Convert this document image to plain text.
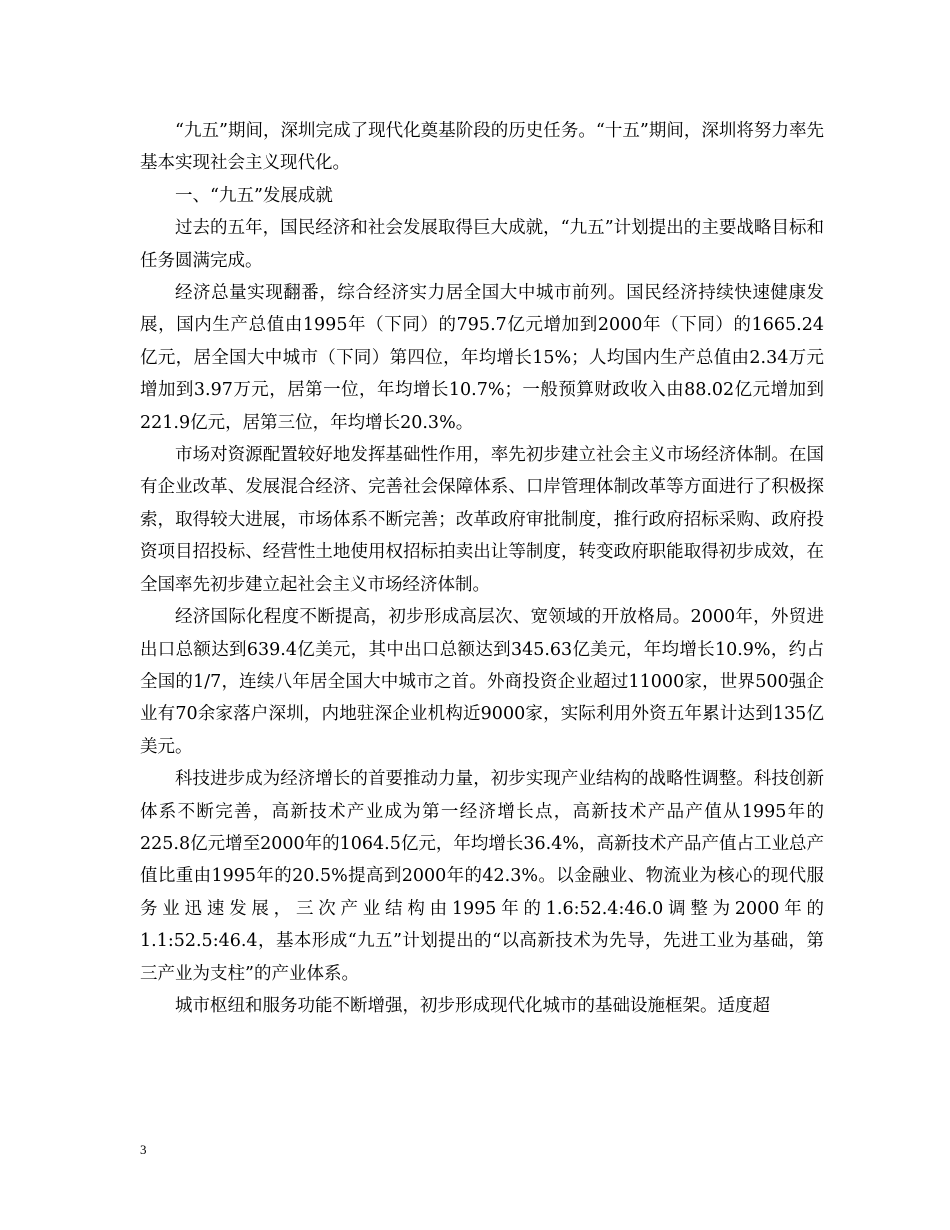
“九五”期间，深圳完成了现代化奠基阶段的历史任务。“十五”期间，深圳将努力率先基本实现社会主义现代化。

一、“九五”发展成就

过去的五年，国民经济和社会发展取得巨大成就，“九五”计划提出的主要战略目标和任务圆满完成。

经济总量实现翻番，综合经济实力居全国大中城市前列。国民经济持续快速健康发展，国内生产总值由1995年（下同）的795.7亿元增加到2000年（下同）的1665.24亿元，居全国大中城市（下同）第四位，年均增长15%；人均国内生产总值由2.34万元增加到3.97万元，居第一位，年均增长10.7%；一般预算财政收入由88.02亿元增加到221.9亿元，居第三位，年均增长20.3%。

市场对资源配置较好地发挥基础性作用，率先初步建立社会主义市场经济体制。在国有企业改革、发展混合经济、完善社会保障体系、口岸管理体制改革等方面进行了积极探索，取得较大进展，市场体系不断完善；改革政府审批制度，推行政府招标采购、政府投资项目招投标、经营性土地使用权招标拍卖出让等制度，转变政府职能取得初步成效，在全国率先初步建立起社会主义市场经济体制。

经济国际化程度不断提高，初步形成高层次、宽领域的开放格局。2000年，外贸进出口总额达到639.4亿美元，其中出口总额达到345.63亿美元，年均增长10.9%，约占全国的1/7，连续八年居全国大中城市之首。外商投资企业超过11000家，世界500强企业有70余家落户深圳，内地驻深企业机构近9000家，实际利用外资五年累计达到135亿美元。

科技进步成为经济增长的首要推动力量，初步实现产业结构的战略性调整。科技创新体系不断完善，高新技术产业成为第一经济增长点，高新技术产品产值从1995年的225.8亿元增至2000年的1064.5亿元，年均增长36.4%，高新技术产品产值占工业总产值比重由1995年的20.5%提高到2000年的42.3%。以金融业、物流业为核心的现代服务业迅速发展，三次产业结构由1995年的1.6:52.4:46.0调整为2000年的1.1:52.5:46.4，基本形成“九五”计划提出的“以高新技术为先导，先进工业为基础，第三产业为支柱”的产业体系。

城市枢纽和服务功能不断增强，初步形成现代化城市的基础设施框架。适度超

3
